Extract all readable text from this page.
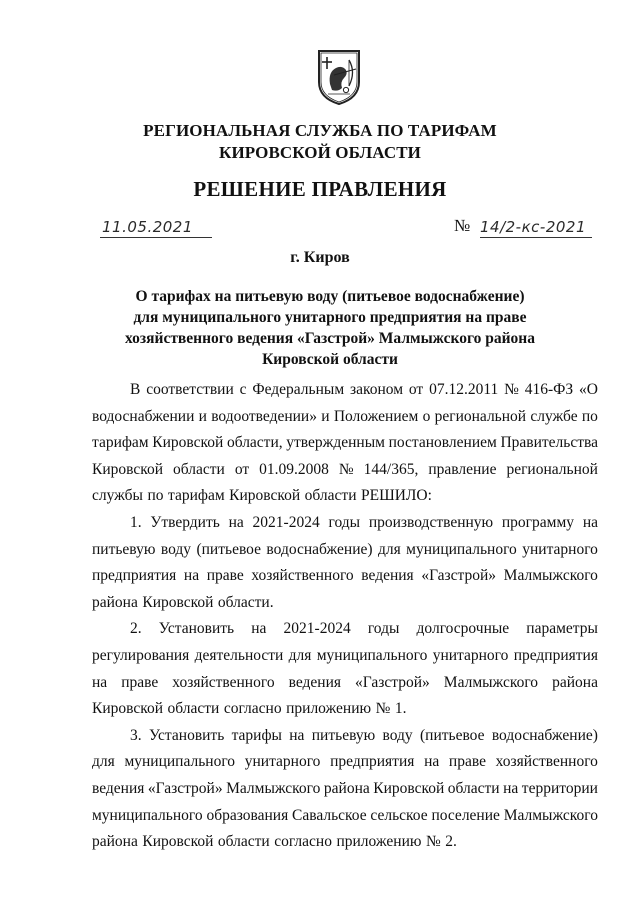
РЕГИОНАЛЬНАЯ СЛУЖБА ПО ТАРИФАМ
КИРОВСКОЙ ОБЛАСТИ
РЕШЕНИЕ ПРАВЛЕНИЯ
11.05.2021	№ 14/2-кс-2021
г. Киров
О тарифах на питьевую воду (питьевое водоснабжение)
для муниципального унитарного предприятия на праве
хозяйственного ведения «Газстрой» Малмыжского района
Кировской области
В соответствии с Федеральным законом от 07.12.2011 № 416-ФЗ «О
водоснабжении и водоотведении» и Положением о региональной службе по
тарифам Кировской области, утвержденным постановлением Правительства
Кировской области от 01.09.2008 № 144/365, правление региональной
службы по тарифам Кировской области РЕШИЛО:
1. Утвердить на 2021-2024 годы производственную программу на
питьевую воду (питьевое водоснабжение) для муниципального унитарного
предприятия на праве хозяйственного ведения «Газстрой» Малмыжского
района Кировской области.
2. Установить на 2021-2024 годы долгосрочные параметры
регулирования деятельности для муниципального унитарного предприятия
на праве хозяйственного ведения «Газстрой» Малмыжского района
Кировской области согласно приложению № 1.
3. Установить тарифы на питьевую воду (питьевое водоснабжение)
для муниципального унитарного предприятия на праве хозяйственного
ведения «Газстрой» Малмыжского района Кировской области на территории
муниципального образования Савальское сельское поселение Малмыжского
района Кировской области согласно приложению № 2.
